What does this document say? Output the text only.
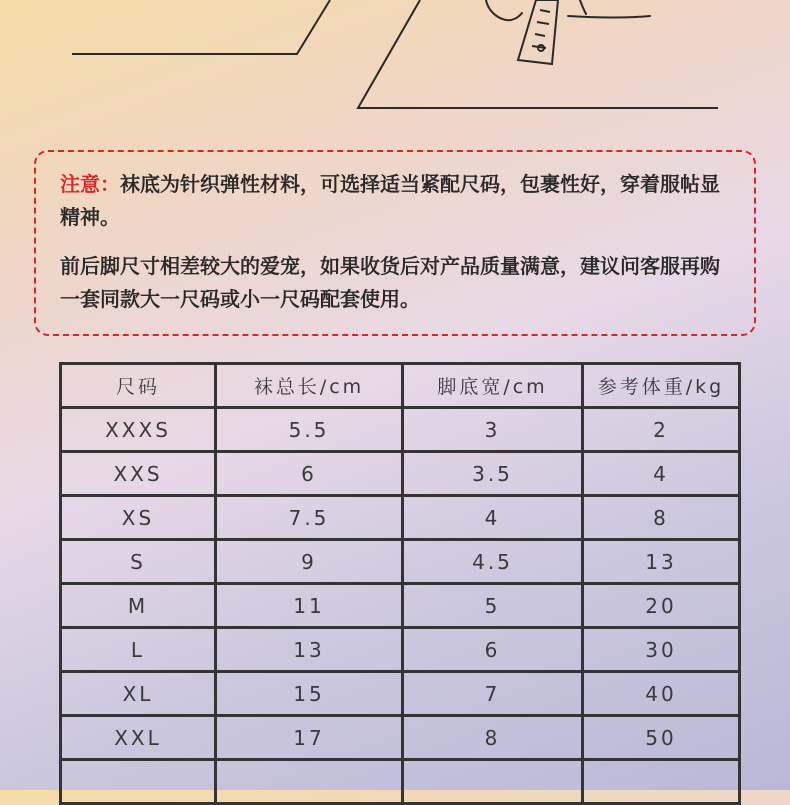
注意：袜底为针织弹性材料，可选择适当紧配尺码，包裹性好，穿着服帖显精神。

前后脚尺寸相差较大的爱宠，如果收货后对产品质量满意，建议问客服再购一套同款大一尺码或小一尺码配套使用。

尺码	袜总长/cm	脚底宽/cm	参考体重/kg
XXXS	5.5	3	2
XXS	6	3.5	4
XS	7.5	4	8
S	9	4.5	13
M	11	5	20
L	13	6	30
XL	15	7	40
XXL	17	8	50
